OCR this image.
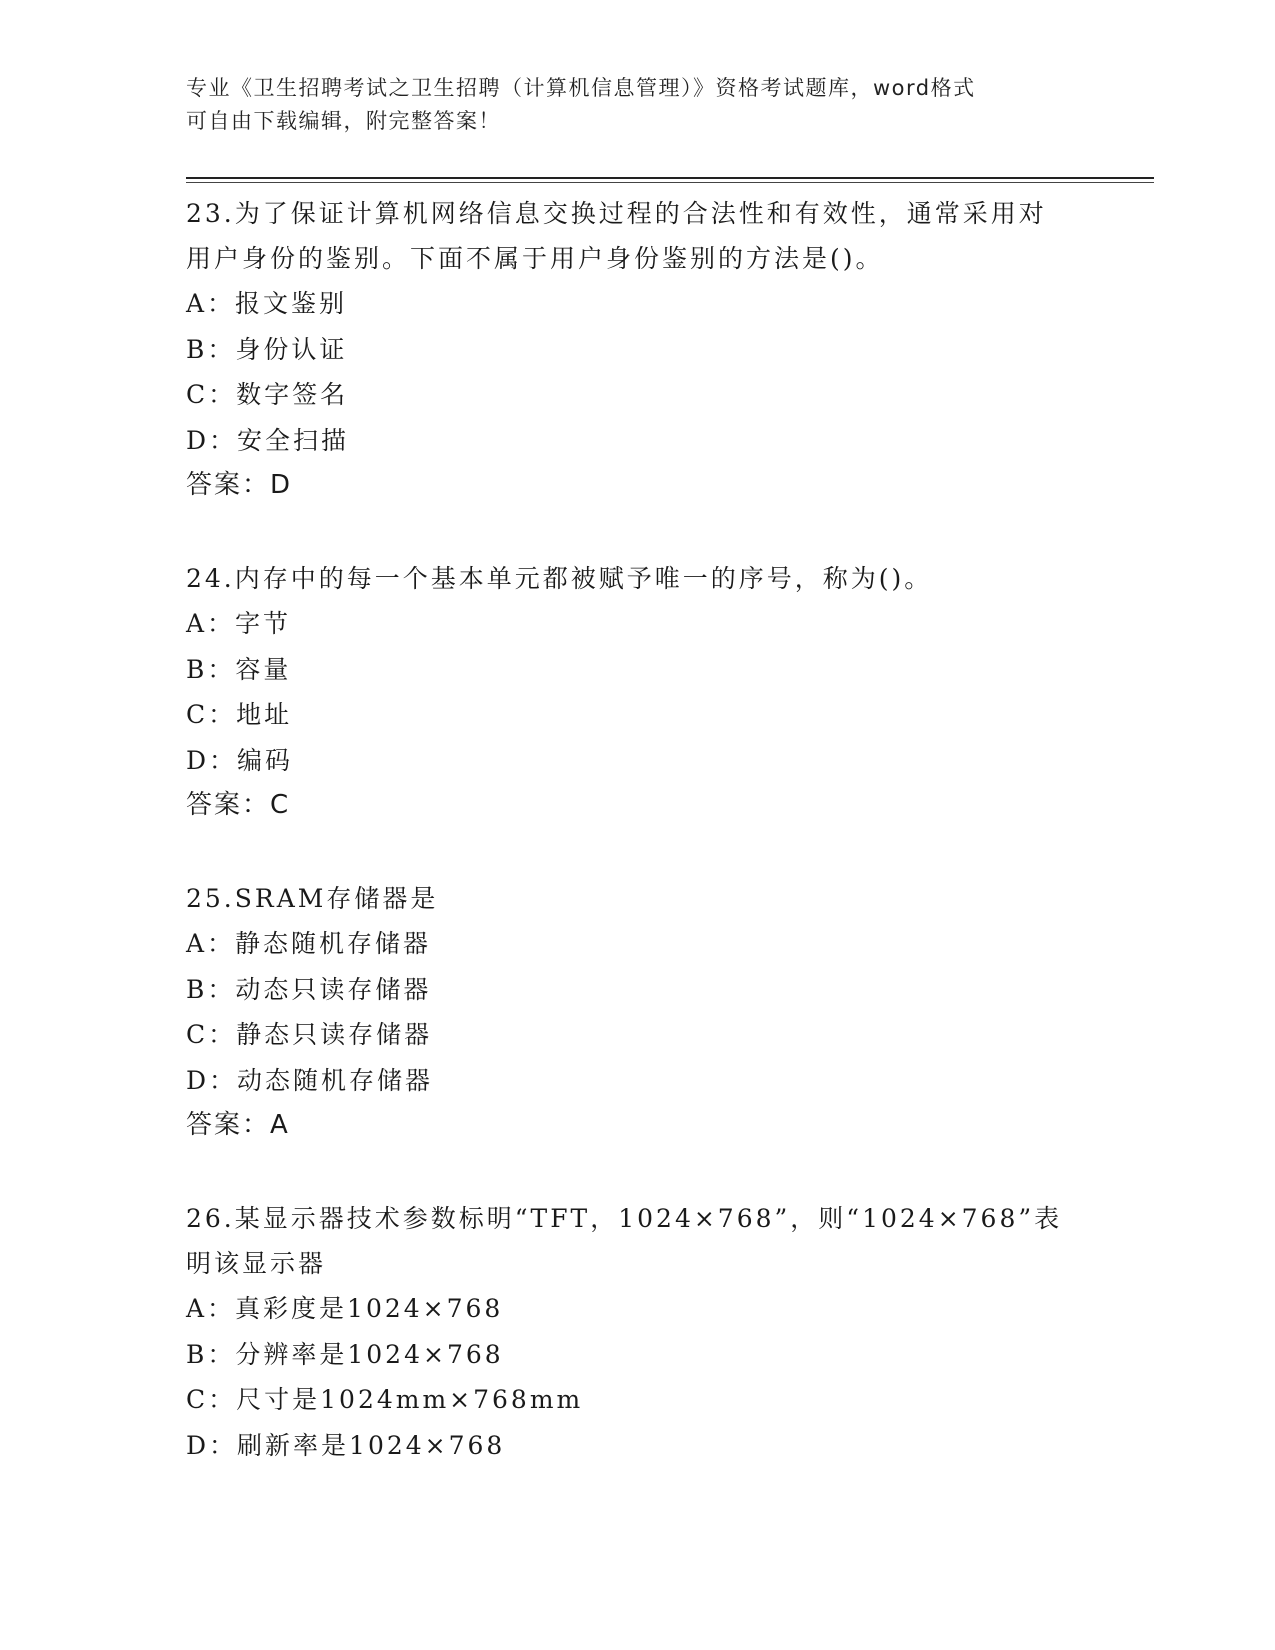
专业《卫生招聘考试之卫生招聘（计算机信息管理）》资格考试题库，word格式
可自由下载编辑，附完整答案！

23.为了保证计算机网络信息交换过程的合法性和有效性，通常采用对

用户身份的鉴别。下面不属于用户身份鉴别的方法是()。

A：报文鉴别

B：身份认证

C：数字签名

D：安全扫描

答案：D

24.内存中的每一个基本单元都被赋予唯一的序号，称为()。

A：字节

B：容量

C：地址

D：编码

答案：C

25.SRAM存储器是

A：静态随机存储器

B：动态只读存储器

C：静态只读存储器

D：动态随机存储器

答案：A

26.某显示器技术参数标明“TFT，1024×768”，则“1024×768”表

明该显示器

A：真彩度是1024×768

B：分辨率是1024×768

C：尺寸是1024mm×768mm

D：刷新率是1024×768
